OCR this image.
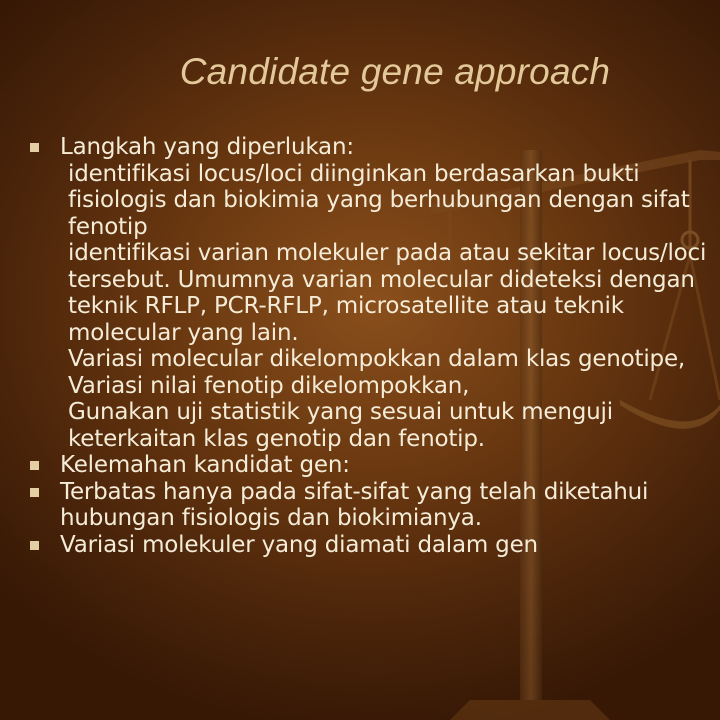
Candidate gene approach
Langkah yang diperlukan:
identifikasi locus/loci diinginkan berdasarkan bukti fisiologis dan biokimia yang berhubungan dengan sifat fenotip
identifikasi varian molekuler pada atau sekitar locus/loci tersebut. Umumnya varian molecular dideteksi dengan teknik RFLP, PCR-RFLP, microsatellite atau teknik molecular yang lain.
Variasi molecular dikelompokkan dalam klas genotipe,
Variasi nilai fenotip dikelompokkan,
Gunakan uji statistik yang sesuai untuk menguji keterkaitan klas genotip dan fenotip.
Kelemahan kandidat gen:
Terbatas hanya pada sifat-sifat yang telah diketahui hubungan fisiologis dan biokimianya.
Variasi molekuler yang diamati dalam gen
